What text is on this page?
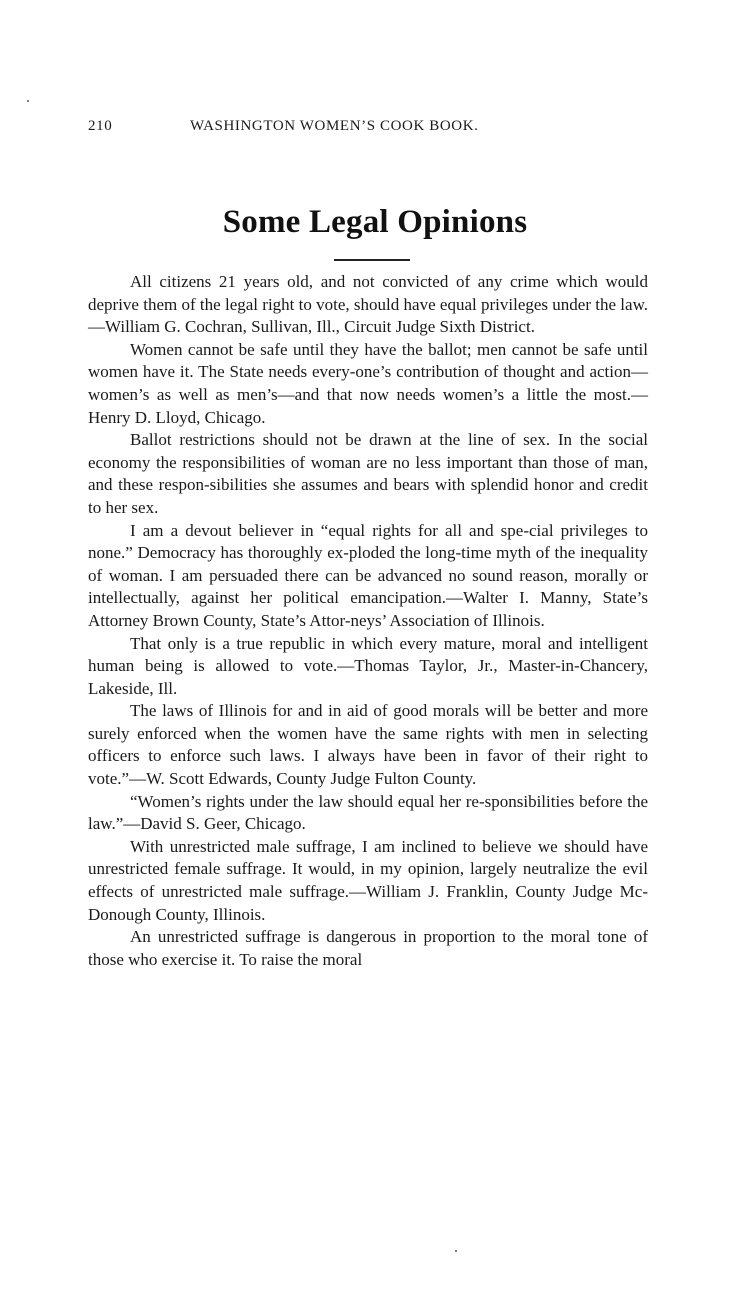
210	WASHINGTON WOMEN’S COOK BOOK.
Some Legal Opinions

All citizens 21 years old, and not convicted of any crime which would deprive them of the legal right to vote, should have equal privileges under the law.—William G. Cochran, Sullivan, Ill., Circuit Judge Sixth District.

Women cannot be safe until they have the ballot; men cannot be safe until women have it. The State needs every-one’s contribution of thought and action—women’s as well as men’s—and that now needs women’s a little the most.—Henry D. Lloyd, Chicago.

Ballot restrictions should not be drawn at the line of sex. In the social economy the responsibilities of woman are no less important than those of man, and these respon-sibilities she assumes and bears with splendid honor and credit to her sex.

I am a devout believer in “equal rights for all and spe-cial privileges to none.” Democracy has thoroughly ex-ploded the long-time myth of the inequality of woman. I am persuaded there can be advanced no sound reason, morally or intellectually, against her political emancipation.—Walter I. Manny, State’s Attorney Brown County, State’s Attor-neys’ Association of Illinois.

That only is a true republic in which every mature, moral and intelligent human being is allowed to vote.—Thomas Taylor, Jr., Master-in-Chancery, Lakeside, Ill.

The laws of Illinois for and in aid of good morals will be better and more surely enforced when the women have the same rights with men in selecting officers to enforce such laws. I always have been in favor of their right to vote.”—W. Scott Edwards, County Judge Fulton County.

“Women’s rights under the law should equal her re-sponsibilities before the law.”—David S. Geer, Chicago.

With unrestricted male suffrage, I am inclined to believe we should have unrestricted female suffrage. It would, in my opinion, largely neutralize the evil effects of unrestricted male suffrage.—William J. Franklin, County Judge Mc-Donough County, Illinois.

An unrestricted suffrage is dangerous in proportion to the moral tone of those who exercise it. To raise the moral
